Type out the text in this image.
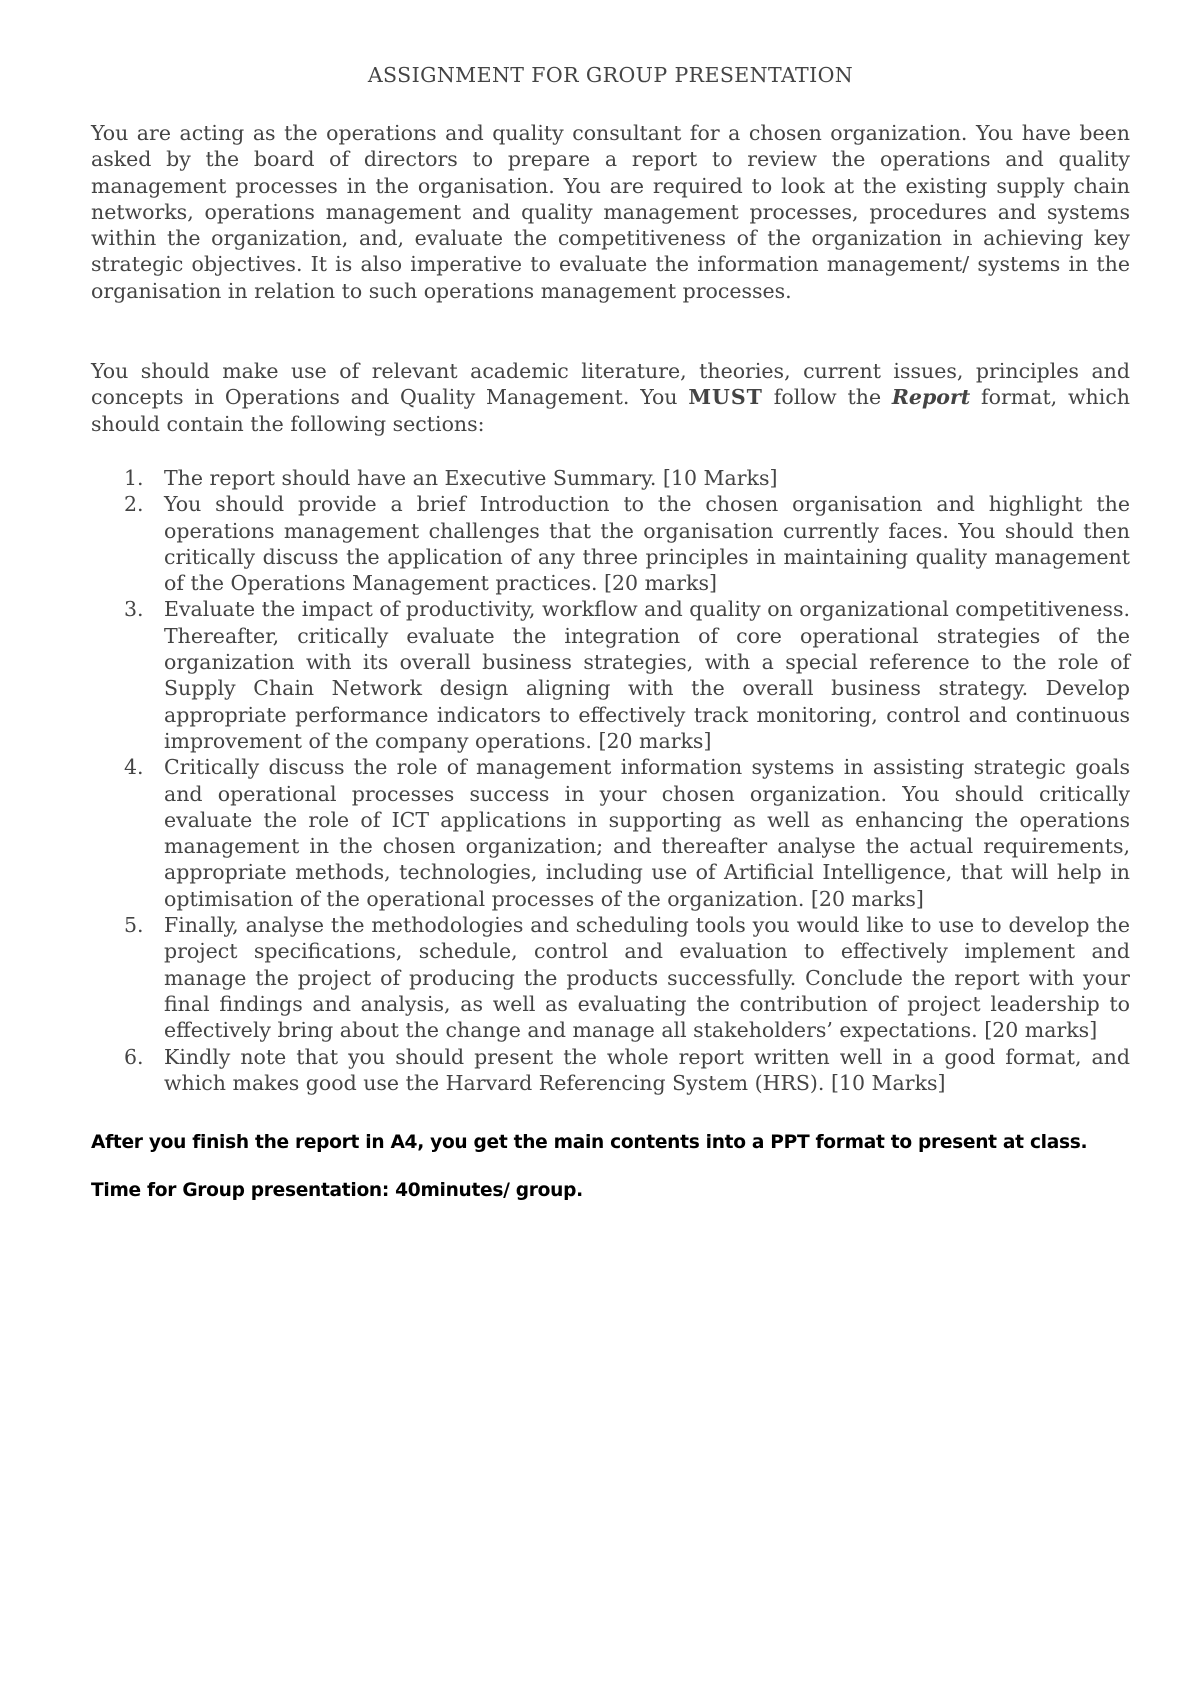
ASSIGNMENT FOR GROUP PRESENTATION

You are acting as the operations and quality consultant for a chosen organization. You have been asked by the board of directors to prepare a report to review the operations and quality management processes in the organisation. You are required to look at the existing supply chain networks, operations management and quality management processes, procedures and systems within the organization, and, evaluate the competitiveness of the organization in achieving key strategic objectives. It is also imperative to evaluate the information management/ systems in the organisation in relation to such operations management processes.

You should make use of relevant academic literature, theories, current issues, principles and concepts in Operations and Quality Management. You MUST follow the Report format, which should contain the following sections:

1. The report should have an Executive Summary. [10 Marks]
2. You should provide a brief Introduction to the chosen organisation and highlight the operations management challenges that the organisation currently faces. You should then critically discuss the application of any three principles in maintaining quality management of the Operations Management practices. [20 marks]
3. Evaluate the impact of productivity, workflow and quality on organizational competitiveness. Thereafter, critically evaluate the integration of core operational strategies of the organization with its overall business strategies, with a special reference to the role of Supply Chain Network design aligning with the overall business strategy. Develop appropriate performance indicators to effectively track monitoring, control and continuous improvement of the company operations. [20 marks]
4. Critically discuss the role of management information systems in assisting strategic goals and operational processes success in your chosen organization. You should critically evaluate the role of ICT applications in supporting as well as enhancing the operations management in the chosen organization; and thereafter analyse the actual requirements, appropriate methods, technologies, including use of Artificial Intelligence, that will help in optimisation of the operational processes of the organization. [20 marks]
5. Finally, analyse the methodologies and scheduling tools you would like to use to develop the project specifications, schedule, control and evaluation to effectively implement and manage the project of producing the products successfully. Conclude the report with your final findings and analysis, as well as evaluating the contribution of project leadership to effectively bring about the change and manage all stakeholders’ expectations. [20 marks]
6. Kindly note that you should present the whole report written well in a good format, and which makes good use the Harvard Referencing System (HRS). [10 Marks]

After you finish the report in A4, you get the main contents into a PPT format to present at class.

Time for Group presentation: 40minutes/ group.
